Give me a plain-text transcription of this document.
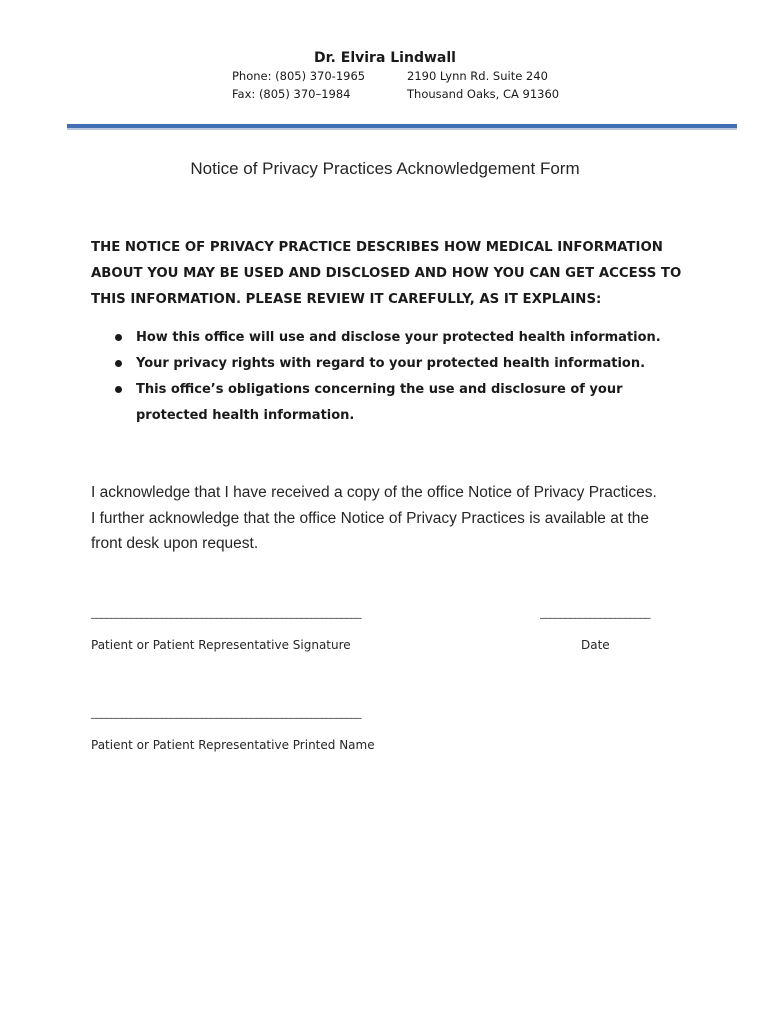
Dr. Elvira Lindwall
Phone: (805) 370-1965
Fax: (805) 370–1984
2190 Lynn Rd. Suite 240
Thousand Oaks, CA 91360
Notice of Privacy Practices Acknowledgement Form
THE NOTICE OF PRIVACY PRACTICE DESCRIBES HOW MEDICAL INFORMATION
ABOUT YOU MAY BE USED AND DISCLOSED AND HOW YOU CAN GET ACCESS TO
THIS INFORMATION. PLEASE REVIEW IT CAREFULLY, AS IT EXPLAINS:
How this office will use and disclose your protected health information.
Your privacy rights with regard to your protected health information.
This office’s obligations concerning the use and disclosure of your
protected health information.
I acknowledge that I have received a copy of the office Notice of Privacy Practices.
I further acknowledge that the office Notice of Privacy Practices is available at the
front desk upon request.
______________________________________________________	______________________
Patient or Patient Representative Signature	Date
______________________________________________________
Patient or Patient Representative Printed Name
